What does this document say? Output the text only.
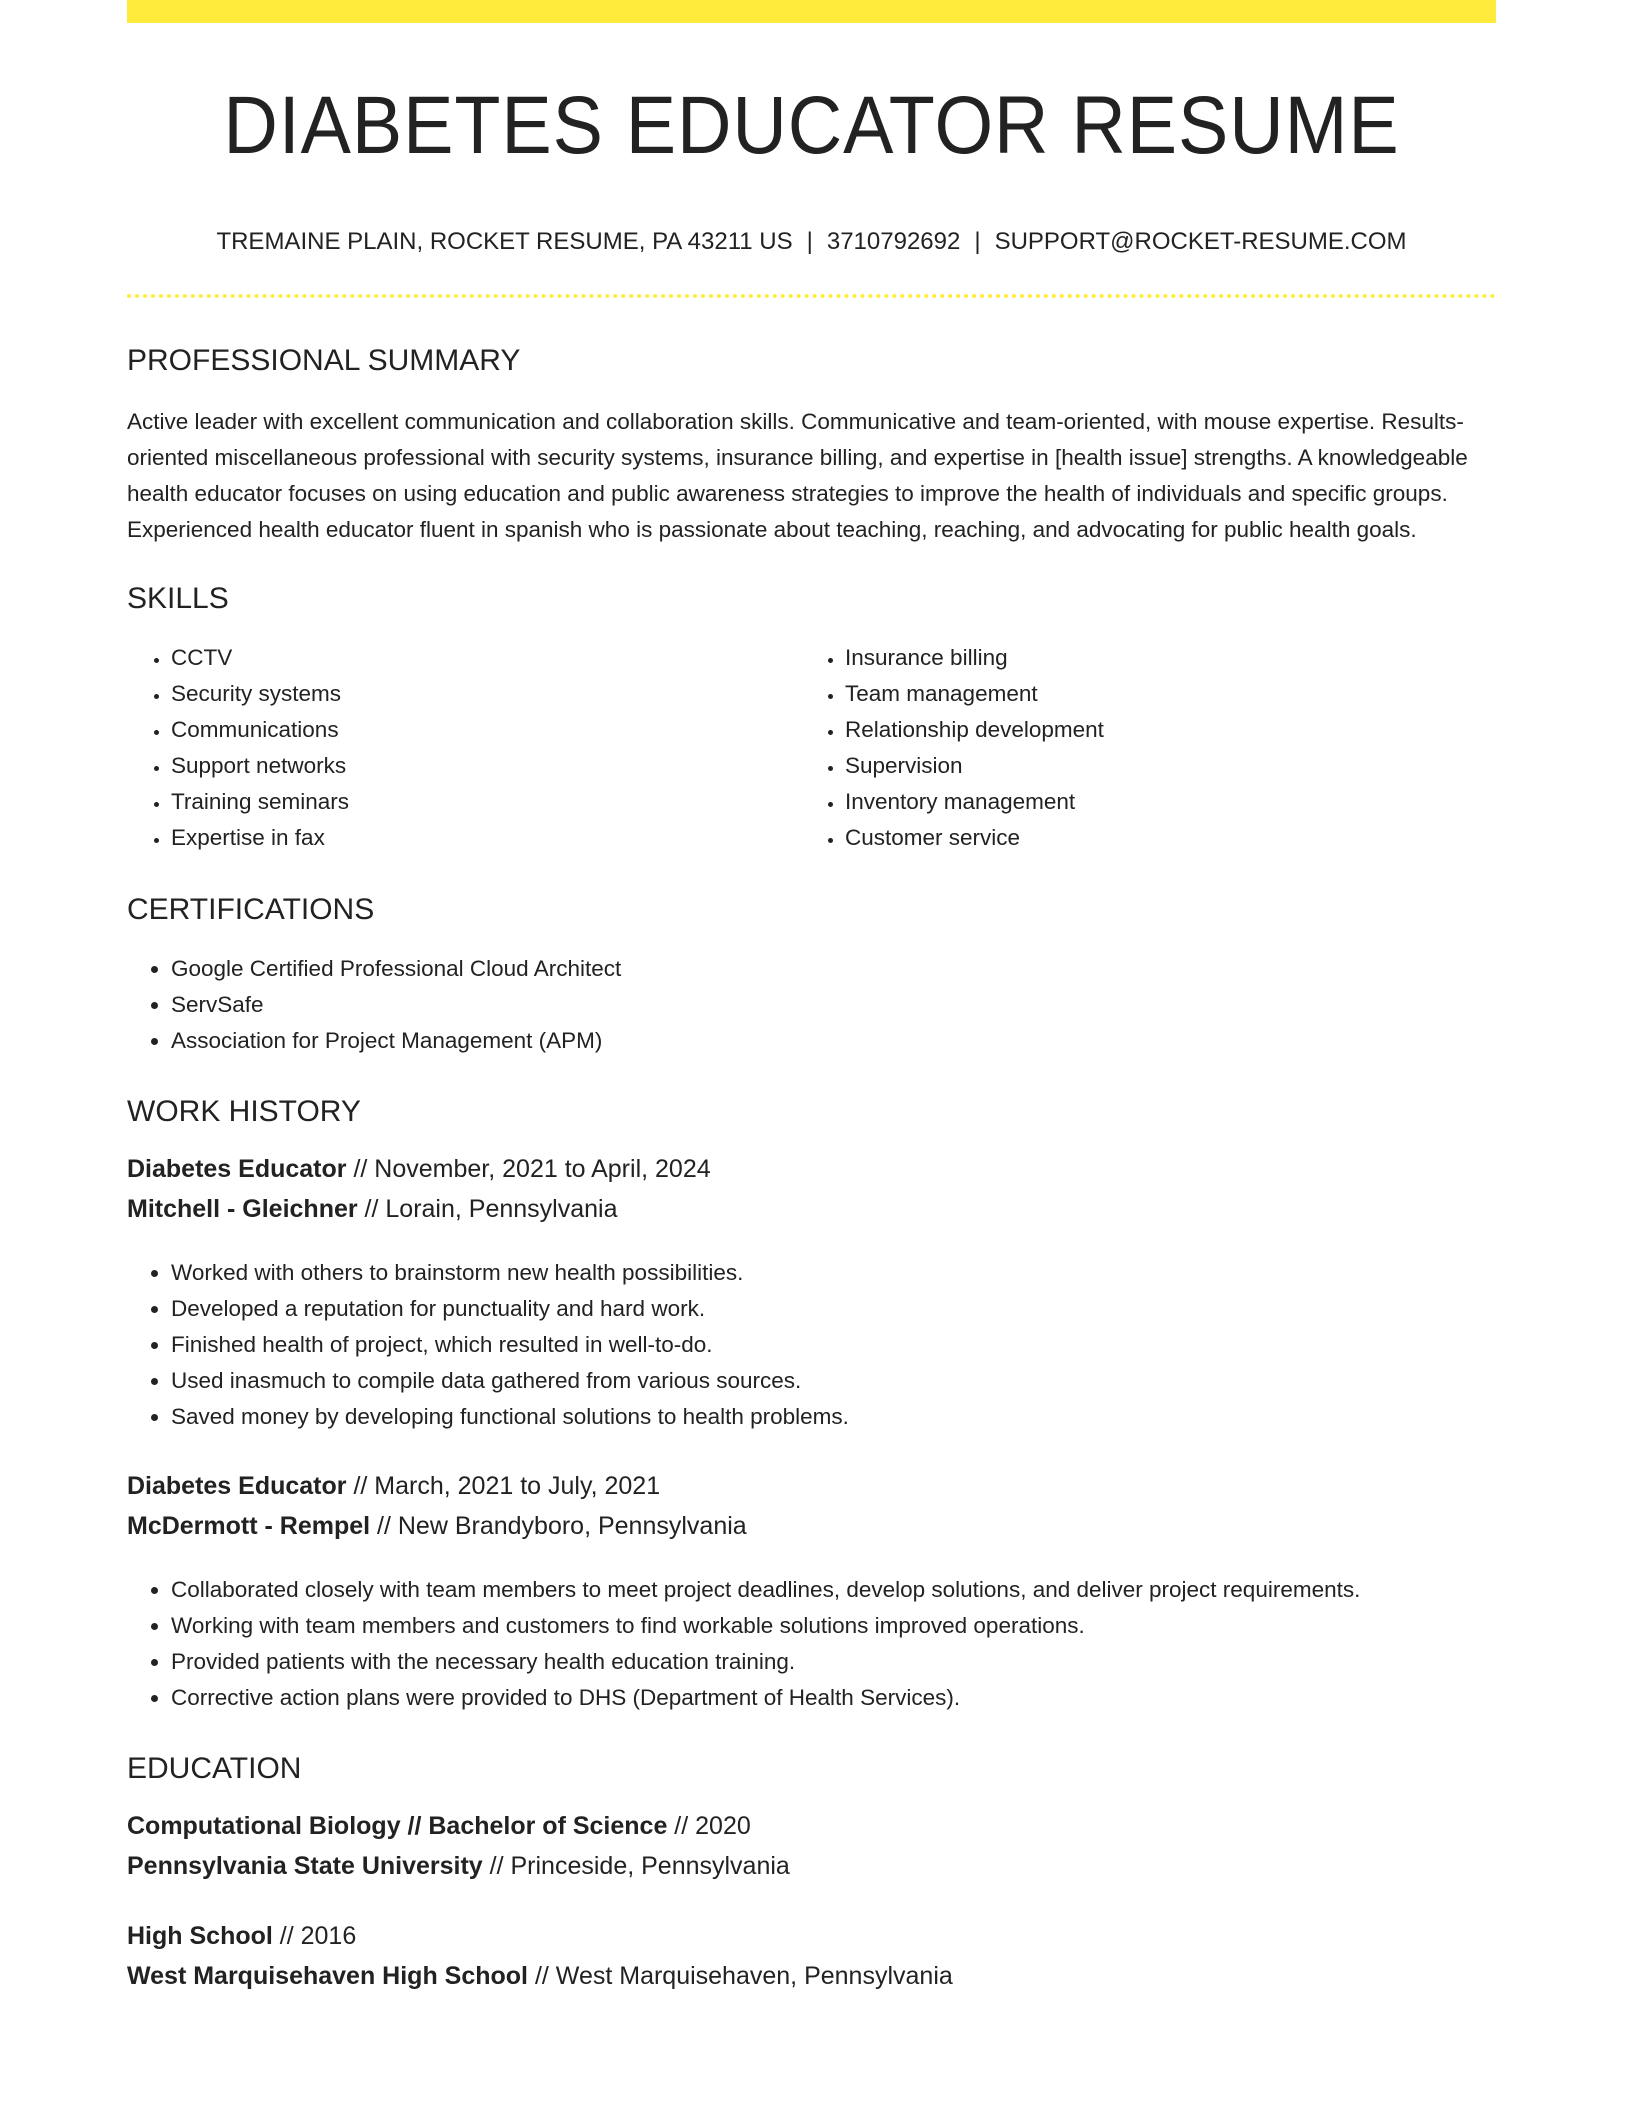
DIABETES EDUCATOR RESUME
TREMAINE PLAIN, ROCKET RESUME, PA 43211 US | 3710792692 | SUPPORT@ROCKET-RESUME.COM
PROFESSIONAL SUMMARY
Active leader with excellent communication and collaboration skills. Communicative and team-oriented, with mouse expertise. Results-oriented miscellaneous professional with security systems, insurance billing, and expertise in [health issue] strengths. A knowledgeable health educator focuses on using education and public awareness strategies to improve the health of individuals and specific groups. Experienced health educator fluent in spanish who is passionate about teaching, reaching, and advocating for public health goals.
SKILLS
• CCTV
• Security systems
• Communications
• Support networks
• Training seminars
• Expertise in fax
• Insurance billing
• Team management
• Relationship development
• Supervision
• Inventory management
• Customer service
CERTIFICATIONS
• Google Certified Professional Cloud Architect
• ServSafe
• Association for Project Management (APM)
WORK HISTORY
Diabetes Educator // November, 2021 to April, 2024
Mitchell - Gleichner // Lorain, Pennsylvania
• Worked with others to brainstorm new health possibilities.
• Developed a reputation for punctuality and hard work.
• Finished health of project, which resulted in well-to-do.
• Used inasmuch to compile data gathered from various sources.
• Saved money by developing functional solutions to health problems.
Diabetes Educator // March, 2021 to July, 2021
McDermott - Rempel // New Brandyboro, Pennsylvania
• Collaborated closely with team members to meet project deadlines, develop solutions, and deliver project requirements.
• Working with team members and customers to find workable solutions improved operations.
• Provided patients with the necessary health education training.
• Corrective action plans were provided to DHS (Department of Health Services).
EDUCATION
Computational Biology // Bachelor of Science // 2020
Pennsylvania State University // Princeside, Pennsylvania
High School // 2016
West Marquisehaven High School // West Marquisehaven, Pennsylvania
